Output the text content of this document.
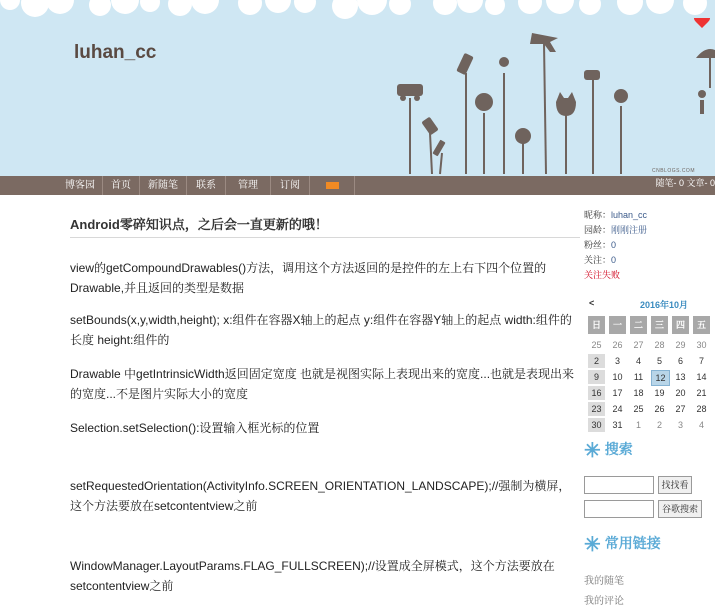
luhan_cc
CNBLOGS.COM
博客园	首页	新随笔	联系	管理	订阅	随笔- 0 文章- 0
Android零碎知识点，之后会一直更新的哦！
view的getCompoundDrawables()方法，调用这个方法返回的是控件的左上右下四个位置的Drawable,并且返回的类型是数据
setBounds(x,y,width,height); x:组件在容器X轴上的起点 y:组件在容器Y轴上的起点 width:组件的长度 height:组件的
Drawable 中getIntrinsicWidth返回固定宽度 也就是视图实际上表现出来的宽度...也就是表现出来的宽度...不是图片实际大小的宽度
Selection.setSelection():设置输入框光标的位置
setRequestedOrientation(ActivityInfo.SCREEN_ORIENTATION_LANDSCAPE);//强制为横屏，这个方法要放在setcontentview之前
WindowManager.LayoutParams.FLAG_FULLSCREEN);//设置成全屏模式，这个方法要放在setcontentview之前
昵称：luhan_cc
园龄：刚刚注册
粉丝：0
关注：0
关注失败
<	2016年10月
日	一	二	三	四	五
25	26	27	28	29	30
2	3	4	5	6	7
9	10	11	12	13	14
16	17	18	19	20	21
23	24	25	26	27	28
30	31	1	2	3	4
✳ 搜索
找找看
谷歌搜索
✳ 常用链接
我的随笔
我的评论
